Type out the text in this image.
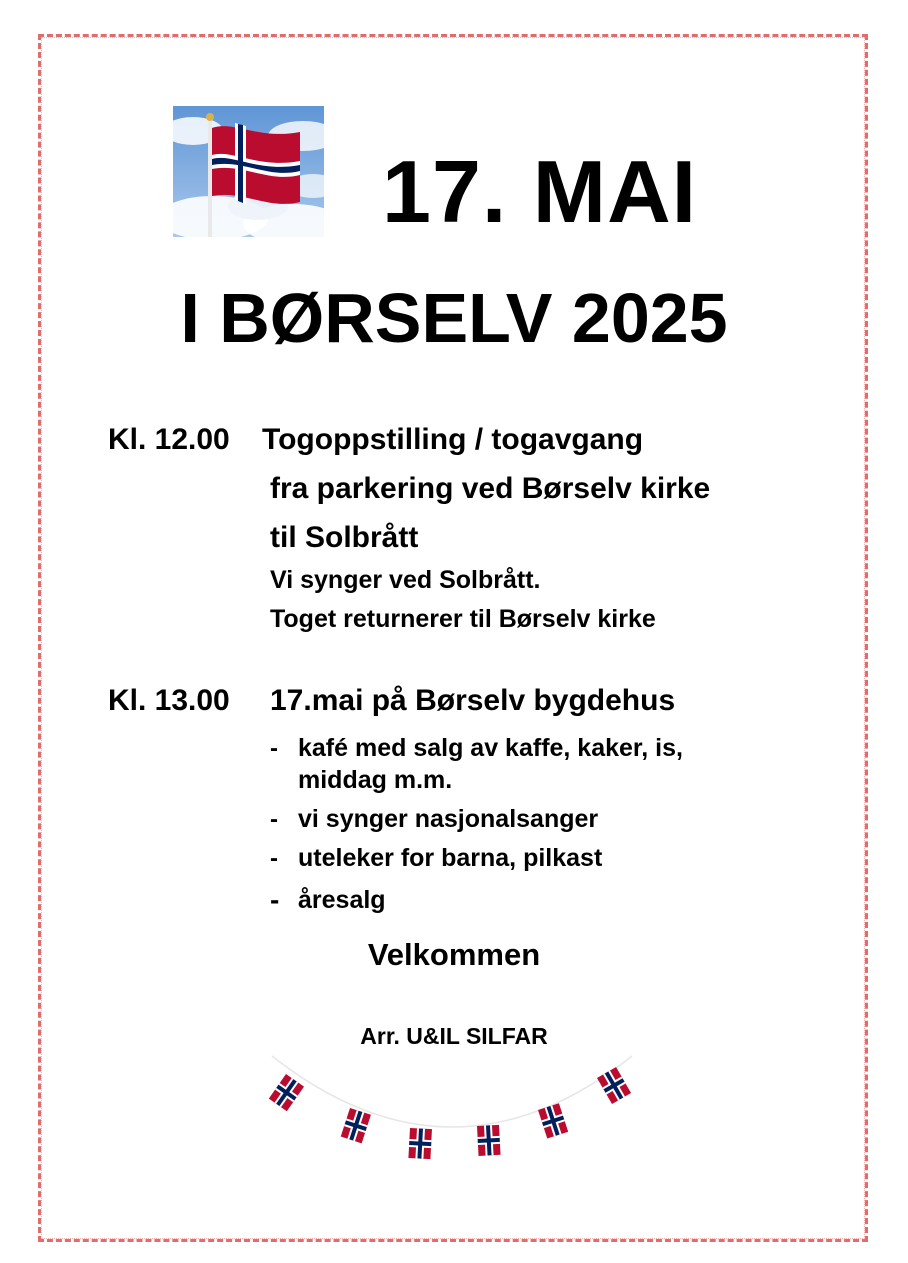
17. MAI
I BØRSELV 2025
Kl. 12.00 Togoppstilling / togavgang
fra parkering ved Børselv kirke
til Solbrått
Vi synger ved Solbrått.
Toget returnerer til Børselv kirke
Kl. 13.00 17.mai på Børselv bygdehus
- kafé med salg av kaffe, kaker, is,
middag m.m.
- vi synger nasjonalsanger
- uteleker for barna, pilkast
- åresalg
Velkommen
Arr. U&IL SILFAR
